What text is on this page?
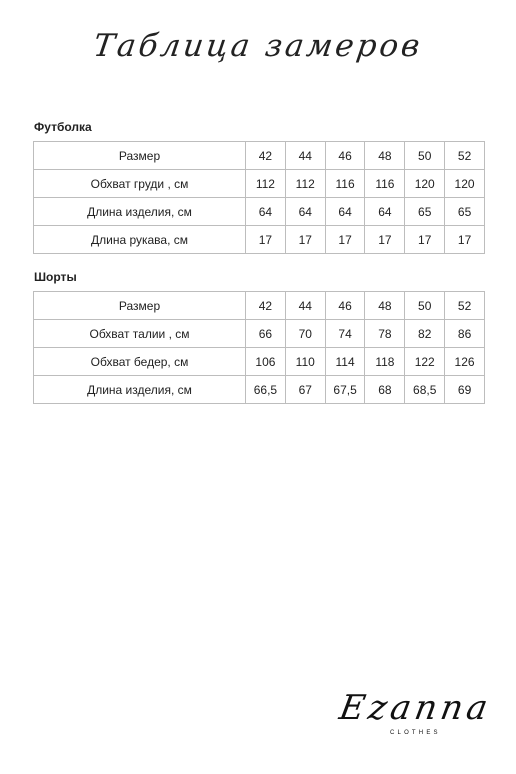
Таблица замеров
Футболка
Размер	42	44	46	48	50	52
Обхват груди , см	112	112	116	116	120	120
Длина изделия, см	64	64	64	64	65	65
Длина рукава, см	17	17	17	17	17	17
Шорты
Размер	42	44	46	48	50	52
Обхват талии , см	66	70	74	78	82	86
Обхват бедер, см	106	110	114	118	122	126
Длина изделия, см	66,5	67	67,5	68	68,5	69
Ezanna
CLOTHES
